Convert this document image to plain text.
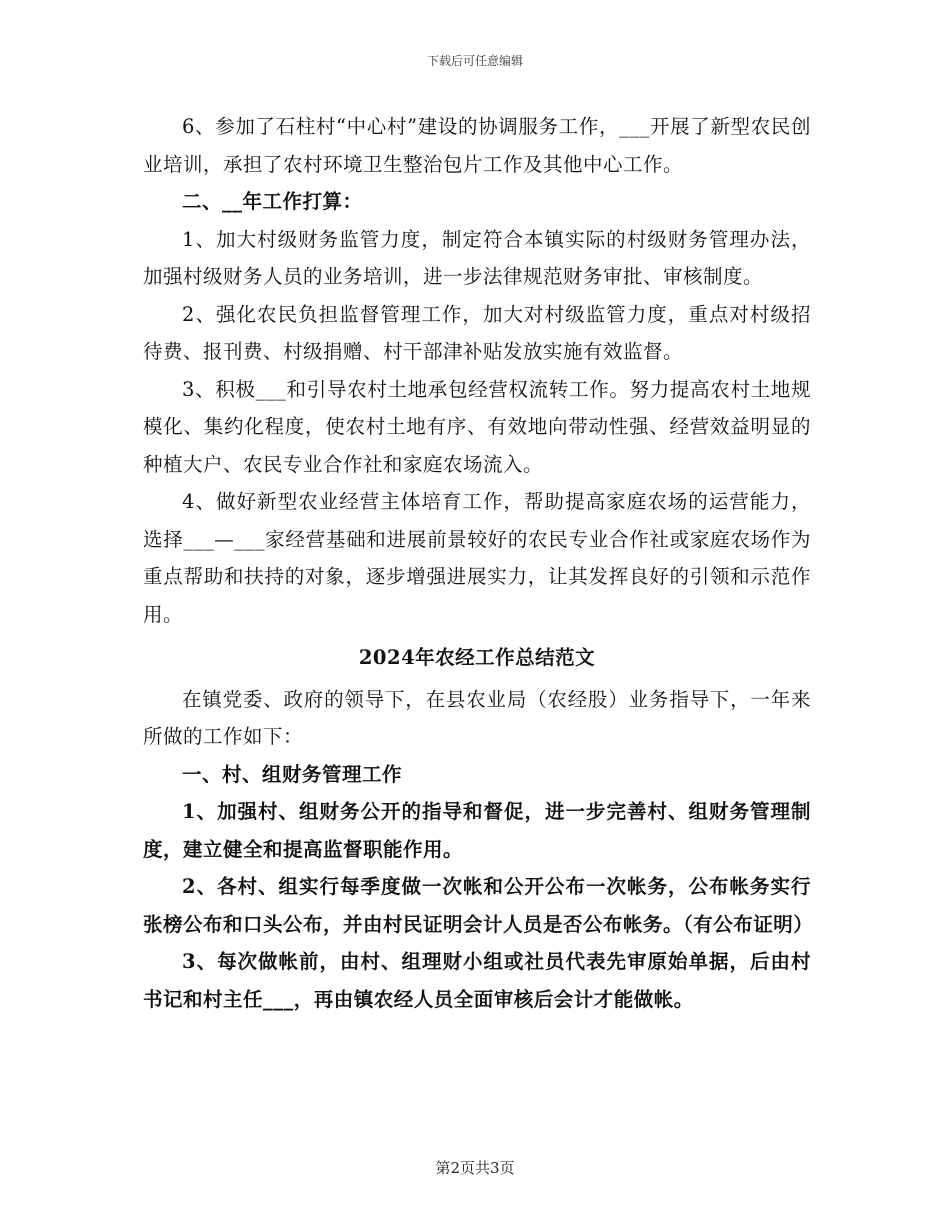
下载后可任意编辑

6、参加了石柱村“中心村”建设的协调服务工作，___开展了新型农民创业培训，承担了农村环境卫生整治包片工作及其他中心工作。

二、__年工作打算：

1、加大村级财务监管力度，制定符合本镇实际的村级财务管理办法，加强村级财务人员的业务培训，进一步法律规范财务审批、审核制度。

2、强化农民负担监督管理工作，加大对村级监管力度，重点对村级招待费、报刊费、村级捐赠、村干部津补贴发放实施有效监督。

3、积极___和引导农村土地承包经营权流转工作。努力提高农村土地规模化、集约化程度，使农村土地有序、有效地向带动性强、经营效益明显的种植大户、农民专业合作社和家庭农场流入。

4、做好新型农业经营主体培育工作，帮助提高家庭农场的运营能力，选择___—___家经营基础和进展前景较好的农民专业合作社或家庭农场作为重点帮助和扶持的对象，逐步增强进展实力，让其发挥良好的引领和示范作用。

2024年农经工作总结范文

在镇党委、政府的领导下，在县农业局（农经股）业务指导下，一年来所做的工作如下：

一、村、组财务管理工作

1、加强村、组财务公开的指导和督促，进一步完善村、组财务管理制度，建立健全和提高监督职能作用。

2、各村、组实行每季度做一次帐和公开公布一次帐务，公布帐务实行张榜公布和口头公布，并由村民证明会计人员是否公布帐务。（有公布证明）

3、每次做帐前，由村、组理财小组或社员代表先审原始单据，后由村书记和村主任___，再由镇农经人员全面审核后会计才能做帐。

第2页共3页
